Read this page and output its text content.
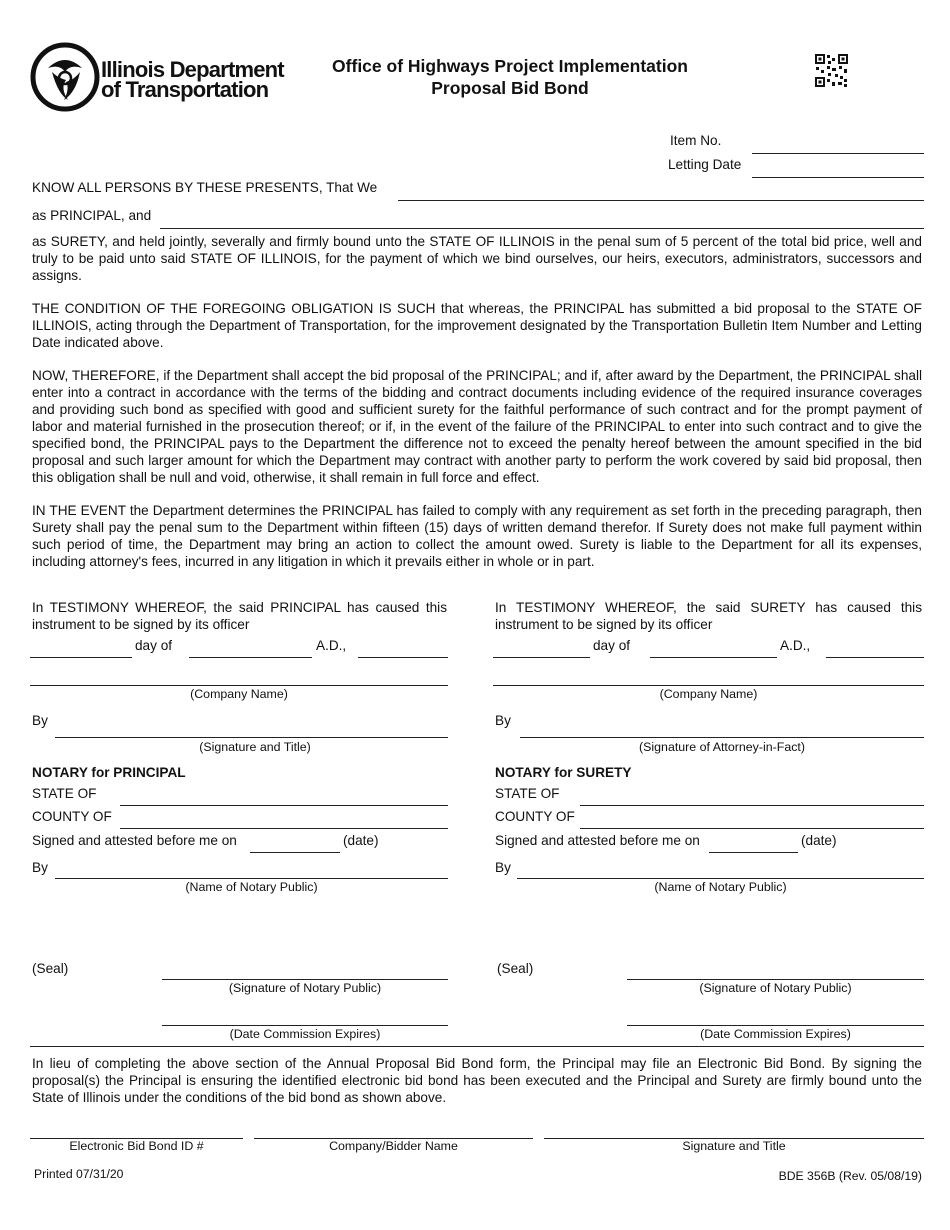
Illinois Department
of Transportation
Office of Highways Project Implementation
Proposal Bid Bond
Item No.
Letting Date
KNOW ALL PERSONS BY THESE PRESENTS, That We
as PRINCIPAL, and

as SURETY, and held jointly, severally and firmly bound unto the STATE OF ILLINOIS in the penal sum of 5 percent of the total bid price, well and truly to be paid unto said STATE OF ILLINOIS, for the payment of which we bind ourselves, our heirs, executors, administrators, successors and assigns.

THE CONDITION OF THE FOREGOING OBLIGATION IS SUCH that whereas, the PRINCIPAL has submitted a bid proposal to the STATE OF ILLINOIS, acting through the Department of Transportation, for the improvement designated by the Transportation Bulletin Item Number and Letting Date indicated above.

NOW, THEREFORE, if the Department shall accept the bid proposal of the PRINCIPAL; and if, after award by the Department, the PRINCIPAL shall enter into a contract in accordance with the terms of the bidding and contract documents including evidence of the required insurance coverages and providing such bond as specified with good and sufficient surety for the faithful performance of such contract and for the prompt payment of labor and material furnished in the prosecution thereof; or if, in the event of the failure of the PRINCIPAL to enter into such contract and to give the specified bond, the PRINCIPAL pays to the Department the difference not to exceed the penalty hereof between the amount specified in the bid proposal and such larger amount for which the Department may contract with another party to perform the work covered by said bid proposal, then this obligation shall be null and void, otherwise, it shall remain in full force and effect.

IN THE EVENT the Department determines the PRINCIPAL has failed to comply with any requirement as set forth in the preceding paragraph, then Surety shall pay the penal sum to the Department within fifteen (15) days of written demand therefor. If Surety does not make full payment within such period of time, the Department may bring an action to collect the amount owed. Surety is liable to the Department for all its expenses, including attorney's fees, incurred in any litigation in which it prevails either in whole or in part.

In TESTIMONY WHEREOF, the said PRINCIPAL has caused this instrument to be signed by its officer

day of	A.D.,
(Company Name)
By
(Signature and Title)
NOTARY for PRINCIPAL
STATE OF
COUNTY OF
Signed and attested before me on	(date)
By
(Name of Notary Public)
(Seal)
(Signature of Notary Public)
(Date Commission Expires)

In TESTIMONY WHEREOF, the said SURETY has caused this instrument to be signed by its officer

day of	A.D.,
(Company Name)
By
(Signature of Attorney-in-Fact)
NOTARY for SURETY
STATE OF
COUNTY OF
Signed and attested before me on	(date)
By
(Name of Notary Public)
(Seal)
(Signature of Notary Public)
(Date Commission Expires)

In lieu of completing the above section of the Annual Proposal Bid Bond form, the Principal may file an Electronic Bid Bond. By signing the proposal(s) the Principal is ensuring the identified electronic bid bond has been executed and the Principal and Surety are firmly bound unto the State of Illinois under the conditions of the bid bond as shown above.

Electronic Bid Bond ID #	Company/Bidder Name	Signature and Title
Printed 07/31/20	BDE 356B (Rev. 05/08/19)
